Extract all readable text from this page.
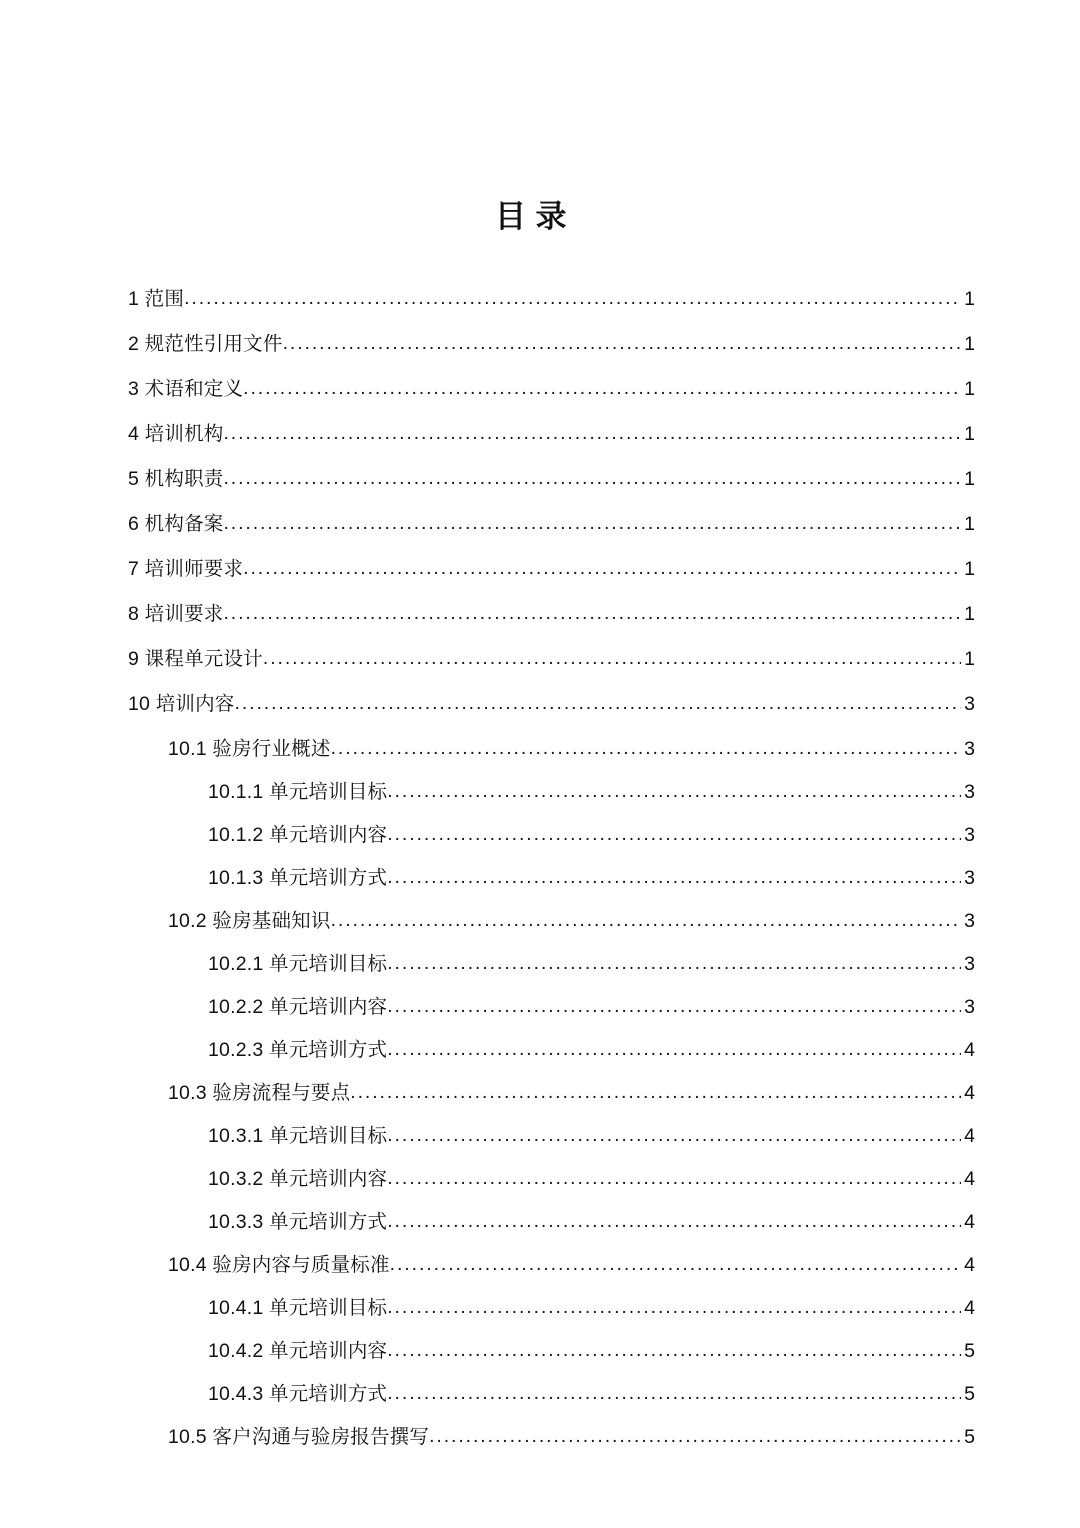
目 录
1 范围 .....	1
2 规范性引用文件 .....	1
3 术语和定义 .....	1
4 培训机构 .....	1
5 机构职责 .....	1
6 机构备案 .....	1
7 培训师要求 .....	1
8 培训要求 .....	1
9 课程单元设计 .....	1
10 培训内容 .....	3
10.1 验房行业概述 .....	3
10.1.1 单元培训目标 .....	3
10.1.2 单元培训内容 .....	3
10.1.3 单元培训方式 .....	3
10.2 验房基础知识 .....	3
10.2.1 单元培训目标 .....	3
10.2.2 单元培训内容 .....	3
10.2.3 单元培训方式 .....	4
10.3 验房流程与要点 .....	4
10.3.1 单元培训目标 .....	4
10.3.2 单元培训内容 .....	4
10.3.3 单元培训方式 .....	4
10.4 验房内容与质量标准 .....	4
10.4.1 单元培训目标 .....	4
10.4.2 单元培训内容 .....	5
10.4.3 单元培训方式 .....	5
10.5 客户沟通与验房报告撰写 .....	5
